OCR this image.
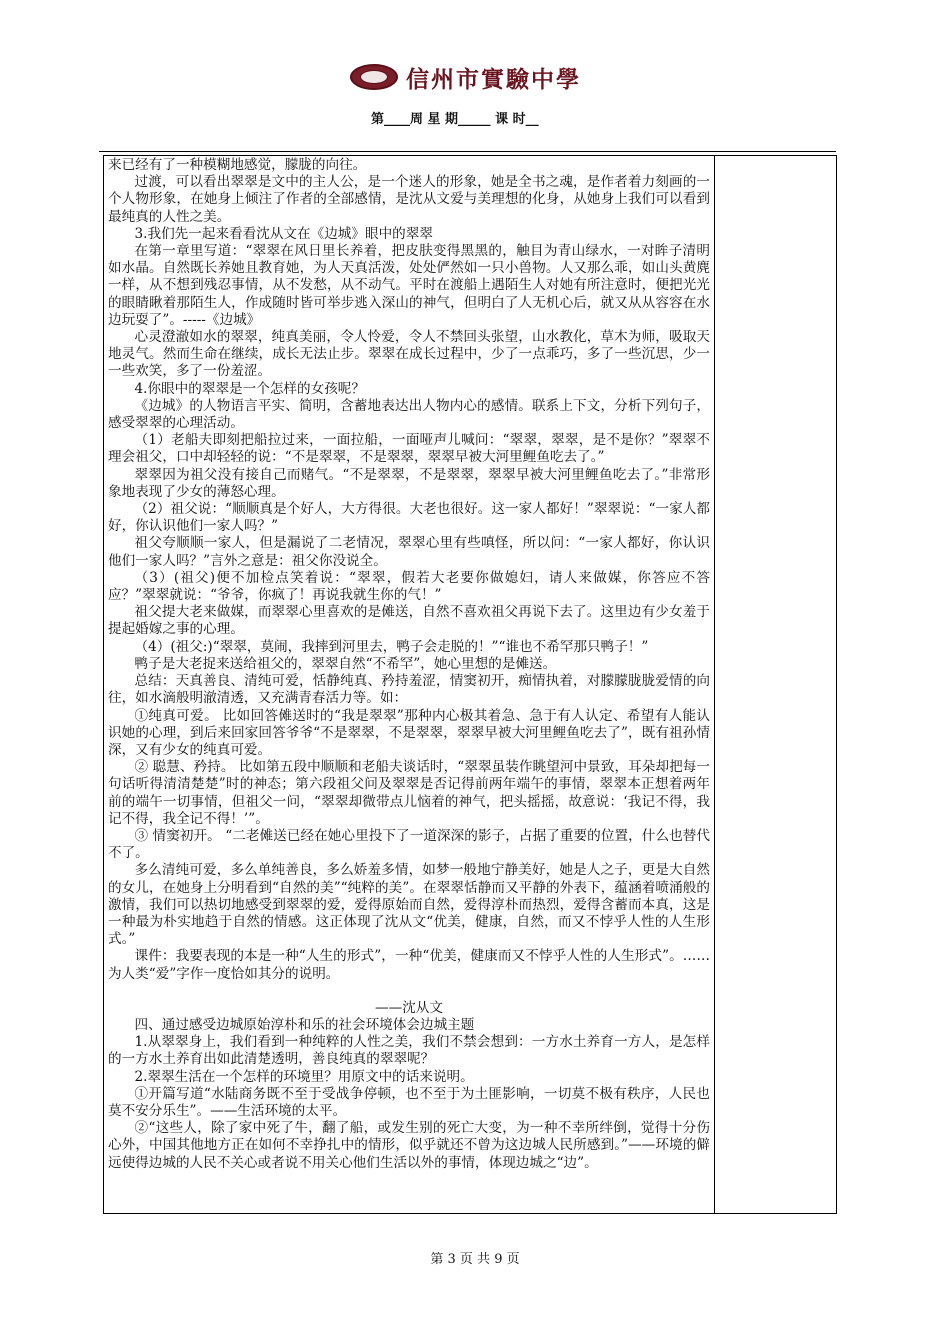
信州市實驗中學
第____周 星 期_____ 课 时__

来已经有了一种模糊地感觉，朦胧的向往。

过渡，可以看出翠翠是文中的主人公，是一个迷人的形象，她是全书之魂，是作者着力刻画的一个人物形象，在她身上倾注了作者的全部感情，是沈从文爱与美理想的化身，从她身上我们可以看到最纯真的人性之美。

3.我们先一起来看看沈从文在《边城》眼中的翠翠

在第一章里写道：“翠翠在风日里长养着，把皮肤变得黑黑的，触目为青山绿水，一对眸子清明如水晶。自然既长养她且教育她，为人天真活泼，处处俨然如一只小兽物。人又那么乖，如山头黄麂一样，从不想到残忍事情，从不发愁，从不动气。平时在渡船上遇陌生人对她有所注意时，便把光光的眼睛瞅着那陌生人，作成随时皆可举步逃入深山的神气，但明白了人无机心后，就又从从容容在水边玩耍了”。-----《边城》

心灵澄澈如水的翠翠，纯真美丽，令人怜爱，令人不禁回头张望，山水教化，草木为师，吸取天地灵气。然而生命在继续，成长无法止步。翠翠在成长过程中，少了一点乖巧，多了一些沉思，少一一些欢笑，多了一份羞涩。

4.你眼中的翠翠是一个怎样的女孩呢？

《边城》的人物语言平实、简明，含蓄地表达出人物内心的感情。联系上下文，分析下列句子，感受翠翠的心理活动。

（1）老船夫即刻把船拉过来，一面拉船，一面哑声儿喊问：“翠翠，翠翠，是不是你？”翠翠不理会祖父，口中却轻轻的说：“不是翠翠，不是翠翠，翠翠早被大河里鲤鱼吃去了。”

翠翠因为祖父没有接自己而赌气。“不是翠翠，不是翠翠，翠翠早被大河里鲤鱼吃去了。”非常形象地表现了少女的薄怒心理。

（2）祖父说：“顺顺真是个好人，大方得很。大老也很好。这一家人都好！”翠翠说：“一家人都好，你认识他们一家人吗？”

祖父夸顺顺一家人，但是漏说了二老情况，翠翠心里有些嗔怪，所以问：“一家人都好，你认识他们一家人吗？”言外之意是：祖父你没说全。

（3）(祖父)便不加检点笑着说：“翠翠，假若大老要你做媳妇，请人来做媒，你答应不答应？”翠翠就说：“爷爷，你疯了！再说我就生你的气！”

祖父提大老来做媒，而翠翠心里喜欢的是傩送，自然不喜欢祖父再说下去了。这里边有少女羞于提起婚嫁之事的心理。

（4）(祖父:)“翠翠，莫闹，我摔到河里去，鸭子会走脱的！”“谁也不希罕那只鸭子！”

鸭子是大老捉来送给祖父的，翠翠自然“不希罕”，她心里想的是傩送。

总结：天真善良、清纯可爱，恬静纯真、矜持羞涩，情窦初开，痴情执着，对朦朦胧胧爱情的向往，如水滴般明澈清透，又充满青春活力等。如：

①纯真可爱。 比如回答傩送时的“我是翠翠”那种内心极其着急、急于有人认定、希望有人能认识她的心理，到后来回家回答爷爷“不是翠翠，不是翠翠，翠翠早被大河里鲤鱼吃去了”，既有祖孙情深，又有少女的纯真可爱。

② 聪慧、矜持。 比如第五段中顺顺和老船夫谈话时，“翠翠虽装作眺望河中景致，耳朵却把每一句话听得清清楚楚”时的神态；第六段祖父问及翠翠是否记得前两年端午的事情，翠翠本正想着两年前的端午一切事情，但祖父一问，“翠翠却微带点儿恼着的神气，把头摇摇，故意说：‘我记不得，我记不得，我全记不得！’”。

③ 情窦初开。 “二老傩送已经在她心里投下了一道深深的影子，占据了重要的位置，什么也替代不了。

多么清纯可爱，多么单纯善良，多么娇羞多情，如梦一般地宁静美好，她是人之子，更是大自然的女儿，在她身上分明看到“自然的美”“纯粹的美”。在翠翠恬静而又平静的外表下，蕴涵着喷涌般的激情，我们可以热切地感受到翠翠的爱，爱得原始而自然，爱得淳朴而热烈，爱得含蓄而本真，这是一种最为朴实地趋于自然的情感。这正体现了沈从文“优美，健康，自然，而又不悖乎人性的人生形式。”

课件：我要表现的本是一种“人生的形式”，一种“优美，健康而又不悖乎人性的人生形式”。……为人类“爱”字作一度恰如其分的说明。

——沈从文

四、通过感受边城原始淳朴和乐的社会环境体会边城主题

1.从翠翠身上，我们看到一种纯粹的人性之美，我们不禁会想到：一方水土养育一方人，是怎样的一方水土养育出如此清楚透明，善良纯真的翠翠呢？

2.翠翠生活在一个怎样的环境里？用原文中的话来说明。

①开篇写道“水陆商务既不至于受战争停顿，也不至于为土匪影响，一切莫不极有秩序，人民也莫不安分乐生”。——生活环境的太平。

②“这些人，除了家中死了牛，翻了船，或发生别的死亡大变，为一种不幸所绊倒，觉得十分伤心外，中国其他地方正在如何不幸挣扎中的情形，似乎就还不曾为这边城人民所感到。”——环境的僻远使得边城的人民不关心或者说不用关心他们生活以外的事情，体现边城之“边”。

第 3 页 共 9 页
